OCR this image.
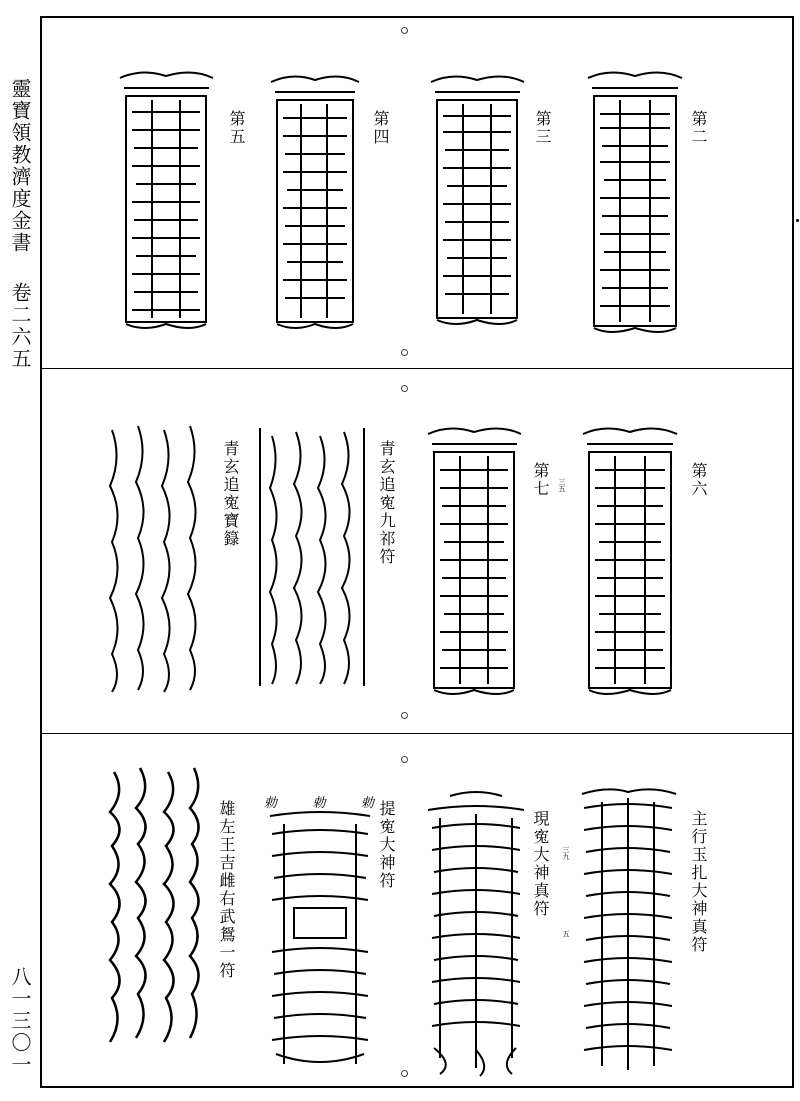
靈寶領教濟度金書
卷二六五
八一三〇一
第二
第三
第四
第五
第六
第七 三五
青玄追寃九祁符
青玄追寃寶籙
主行玉扎大神真符
現寃大神真符 三九
五
勅	勅	勅 提寃大神符
雄左王吉雌右武鴛一符
